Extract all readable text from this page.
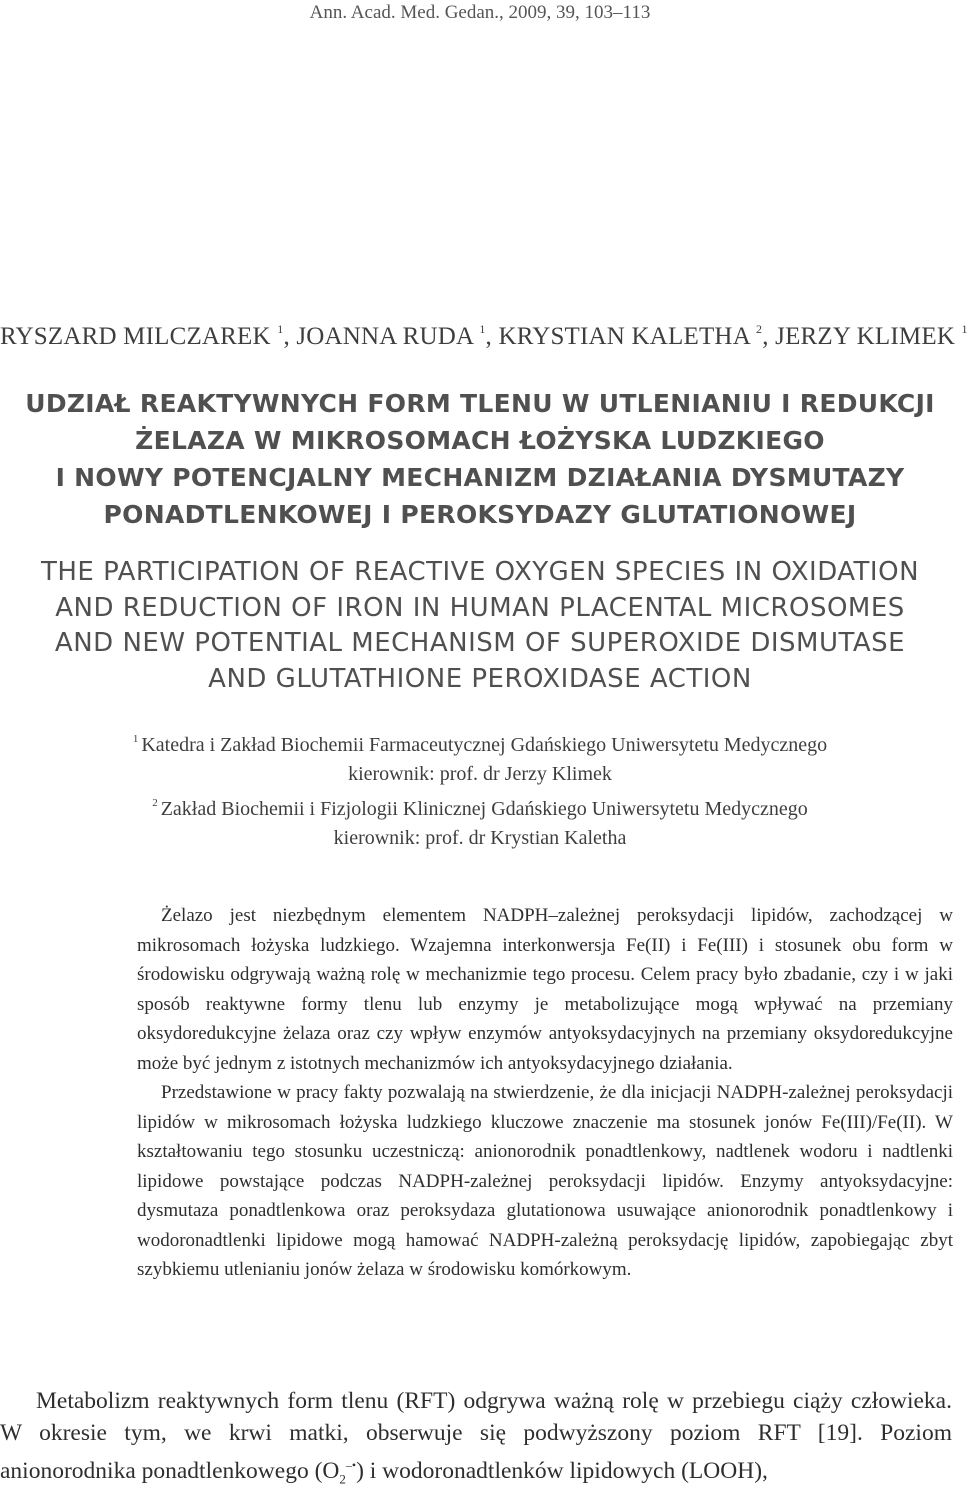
Ann. Acad. Med. Gedan., 2009, 39, 103–113
RYSZARD MILCZAREK $^1$, JOANNA RUDA $^1$, KRYSTIAN KALETHA $^2$, JERZY KLIMEK $^1$
UDZIAŁ REAKTYWNYCH FORM TLENU W UTLENIANIU I REDUKCJI
ŻELAZA W MIKROSOMACH ŁOŻYSKA LUDZKIEGO
I NOWY POTENCJALNY MECHANIZM DZIAŁANIA DYSMUTAZY
PONADTLENKOWEJ I PEROKSYDAZY GLUTATIONOWEJ
THE PARTICIPATION OF REACTIVE OXYGEN SPECIES IN OXIDATION
AND REDUCTION OF IRON IN HUMAN PLACENTAL MICROSOMES
AND NEW POTENTIAL MECHANISM OF SUPEROXIDE DISMUTASE
AND GLUTATHIONE PEROXIDASE ACTION
$^1$ Katedra i Zakład Biochemii Farmaceutycznej Gdańskiego Uniwersytetu Medycznego
kierownik: prof. dr Jerzy Klimek
$^2$ Zakład Biochemii i Fizjologii Klinicznej Gdańskiego Uniwersytetu Medycznego
kierownik: prof. dr Krystian Kaletha

Żelazo jest niezbędnym elementem NADPH–zależnej peroksydacji lipidów, zachodzącej w mikrosomach łożyska ludzkiego. Wzajemna interkonwersja Fe(II) i Fe(III) i stosunek obu form w środowisku odgrywają ważną rolę w mechanizmie tego procesu. Celem pracy było zbadanie, czy i w jaki sposób reaktywne formy tlenu lub enzymy je metabolizujące mogą wpływać na przemiany oksydoredukcyjne żelaza oraz czy wpływ enzymów antyoksydacyjnych na przemiany oksydoredukcyjne może być jednym z istotnych mechanizmów ich antyoksydacyjnego działania.

Przedstawione w pracy fakty pozwalają na stwierdzenie, że dla inicjacji NADPH-zależnej peroksydacji lipidów w mikrosomach łożyska ludzkiego kluczowe znaczenie ma stosunek jonów Fe(III)/Fe(II). W kształtowaniu tego stosunku uczestniczą: anionorodnik ponadtlenkowy, nadtlenek wodoru i nadtlenki lipidowe powstające podczas NADPH-zależnej peroksydacji lipidów. Enzymy antyoksydacyjne: dysmutaza ponadtlenkowa oraz peroksydaza glutationowa usuwające anionorodnik ponadtlenkowy i wodoronadtlenki lipidowe mogą hamować NADPH-zależną peroksydację lipidów, zapobiegając zbyt szybkiemu utlenianiu jonów żelaza w środowisku komórkowym.

Metabolizm reaktywnych form tlenu (RFT) odgrywa ważną rolę w przebiegu ciąży człowieka. W okresie tym, we krwi matki, obserwuje się podwyższony poziom RFT [19]. Poziom anionorodnika ponadtlenkowego $(O_2^{-•})$ i wodoronadtlenków lipidowych (LOOH),
